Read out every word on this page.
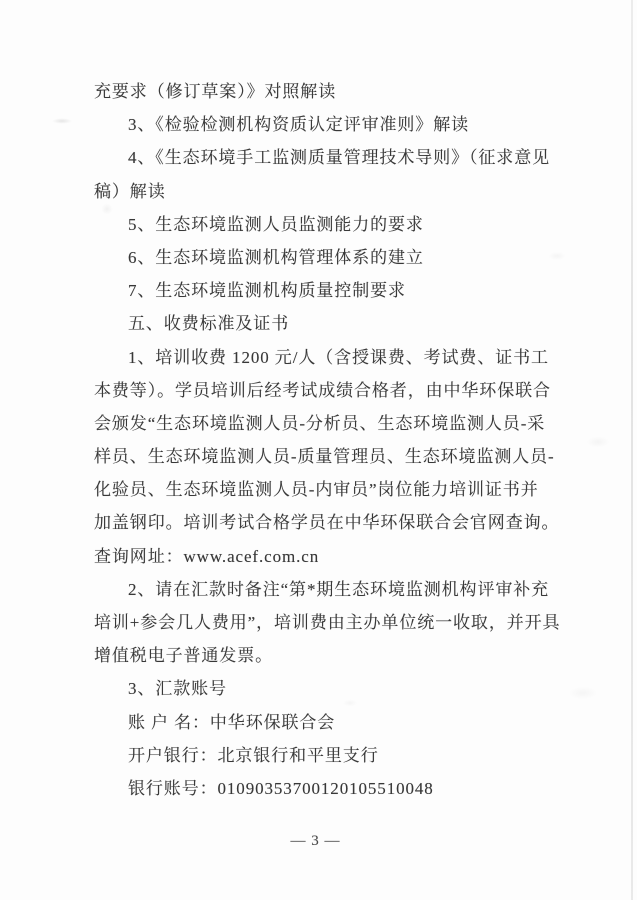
充要求（修订草案）》对照解读
3、《检验检测机构资质认定评审准则》解读
4、《生态环境手工监测质量管理技术导则》（征求意见
稿）解读
5、生态环境监测人员监测能力的要求
6、生态环境监测机构管理体系的建立
7、生态环境监测机构质量控制要求
五、收费标准及证书
1、培训收费 1200 元/人（含授课费、考试费、证书工
本费等）。学员培训后经考试成绩合格者，由中华环保联合
会颁发“生态环境监测人员-分析员、生态环境监测人员-采
样员、生态环境监测人员-质量管理员、生态环境监测人员-
化验员、生态环境监测人员-内审员”岗位能力培训证书并
加盖钢印。培训考试合格学员在中华环保联合会官网查询。
查询网址：www.acef.com.cn
2、请在汇款时备注“第*期生态环境监测机构评审补充
培训+参会几人费用”，培训费由主办单位统一收取，并开具
增值税电子普通发票。
3、汇款账号
账 户 名：中华环保联合会
开户银行：北京银行和平里支行
银行账号：01090353700120105510048
— 3 —
